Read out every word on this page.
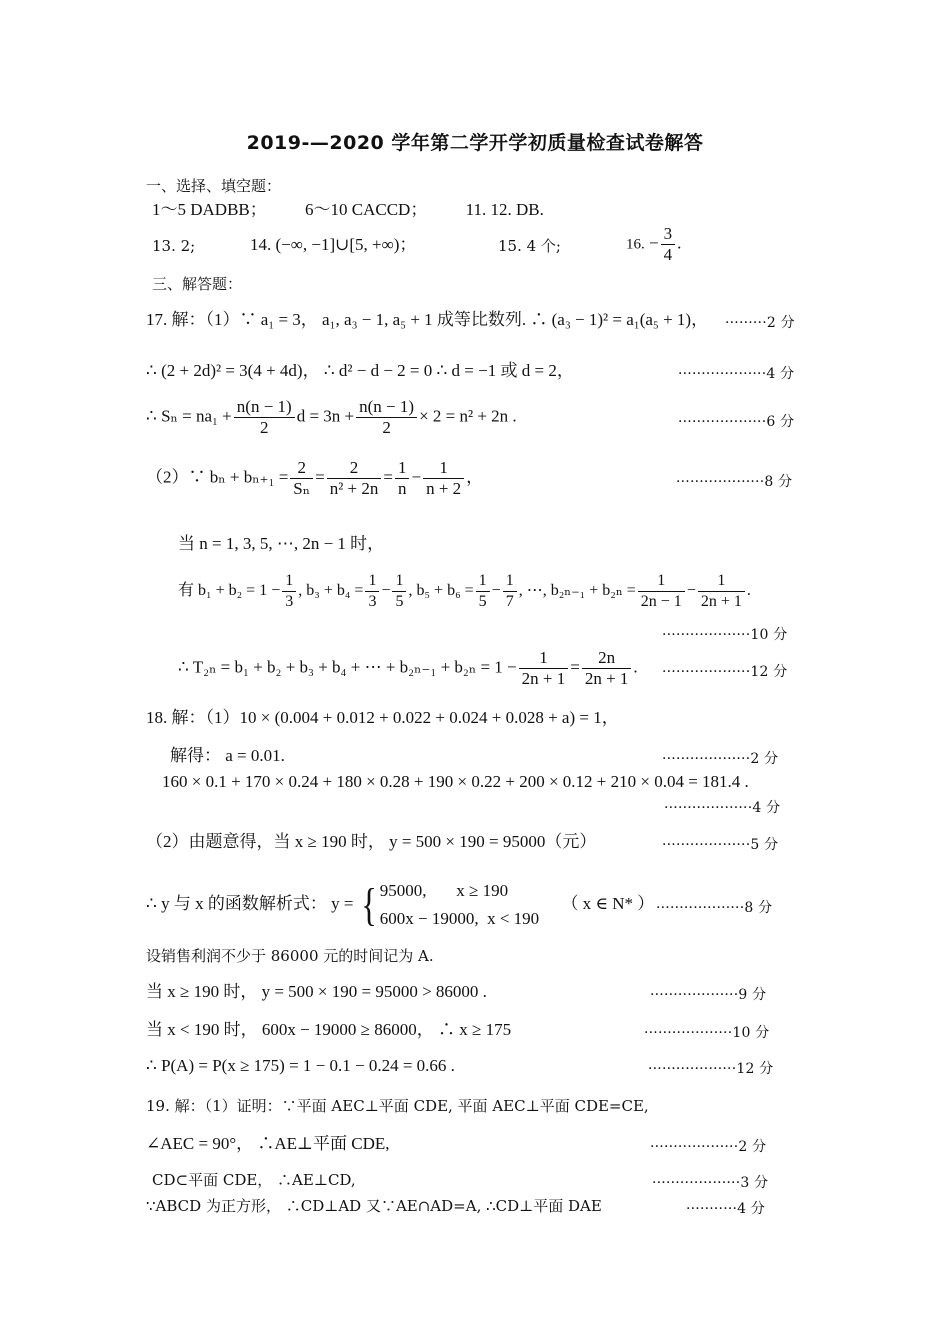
2019-—2020 学年第二学开学初质量检查试卷解答
一、选择、填空题：
1～5 DADBB；         6～10 CACCD；         11. 12. DB.
13. 2;	14. (−∞, −1]∪[5, +∞)；	15. 4 个;	16. − $\frac{3}{4}$ .
三、解答题：
17. 解：（1）∵ a₁ = 3， a₁, a₃ − 1, a₅ + 1 成等比数列. ∴ (a₃ − 1)² = a₁(a₅ + 1)， ·········2 分
∴ (2 + 2d)² = 3(4 + 4d)， ∴ d² − d − 2 = 0 ∴ d = −1 或 d = 2，	···················4 分
∴ $S_n = na_1 + \frac{n(n - 1)}{2}$ $d = 3n + \frac{n(n - 1)}{2} \times 2 = n^2 + 2n$ .	···················6 分
（2）∵ $b_n + b_{n+1} = \frac{2}{\text{Sₙ}} = \frac{2}{\text{n² + 2n}} = \frac{1}{n} - \frac{1}{n + 2}$ ，	···················8 分
当 n = 1, 3, 5, ⋯, 2n − 1 时，
有 $b_1 + b_2 = 1 - \frac{1}{3}$ , $b_3 + b_4 = \frac{1}{3} - \frac{1}{5}$ , $b_5 + b_6 = \frac{1}{5} - \frac{1}{7}$ , ⋯, $b_{2n-1} + b_{2n} = \frac{1}{2n - 1} - \frac{1}{2n + 1}$ .
···················10 分
∴ T₂ₙ = b₁ + b₂ + b₃ + b₄ + ⋯ + $b_{2n-1} + b_{2n} = 1 - \frac{1}{2n + 1} = \frac{2n}{2n + 1}$ . ···················12 分
18. 解：（1）10 × (0.004 + 0.012 + 0.022 + 0.024 + 0.028 + a) = 1，
解得： a = 0.01.	···················2 分
160 × 0.1 + 170 × 0.24 + 180 × 0.28 + 190 × 0.22 + 200 × 0.12 + 210 × 0.04 = 181.4 .
···················4 分
（2）由题意得，当 x ≥ 190 时， y = 500 × 190 = 95000（元）	···················5 分
∴ y 与 x 的函数解析式： y = { 95000,       x ≥ 190
600x − 19000,  x < 190
（ x ∈ N* ） ···················8 分
设销售利润不少于 86000 元的时间记为 A.
当 x ≥ 190 时， y = 500 × 190 = 95000 > 86000 .	···················9 分
当 x < 190 时， 600x − 19000 ≥ 86000， ∴ x ≥ 175	···················10 分
∴ P(A) = P(x ≥ 175) = 1 − 0.1 − 0.24 = 0.66 .	···················12 分
19. 解：（1）证明：∵平面 AEC⊥平面 CDE, 平面 AEC⊥平面 CDE=CE,
∠AEC = 90°， ∴AE⊥平面 CDE,	···················2 分
CD⊂平面 CDE， ∴AE⊥CD,	···················3 分
∵ABCD 为正方形， ∴CD⊥AD 又∵AE∩AD=A, ∴CD⊥平面 DAE	···········4 分
